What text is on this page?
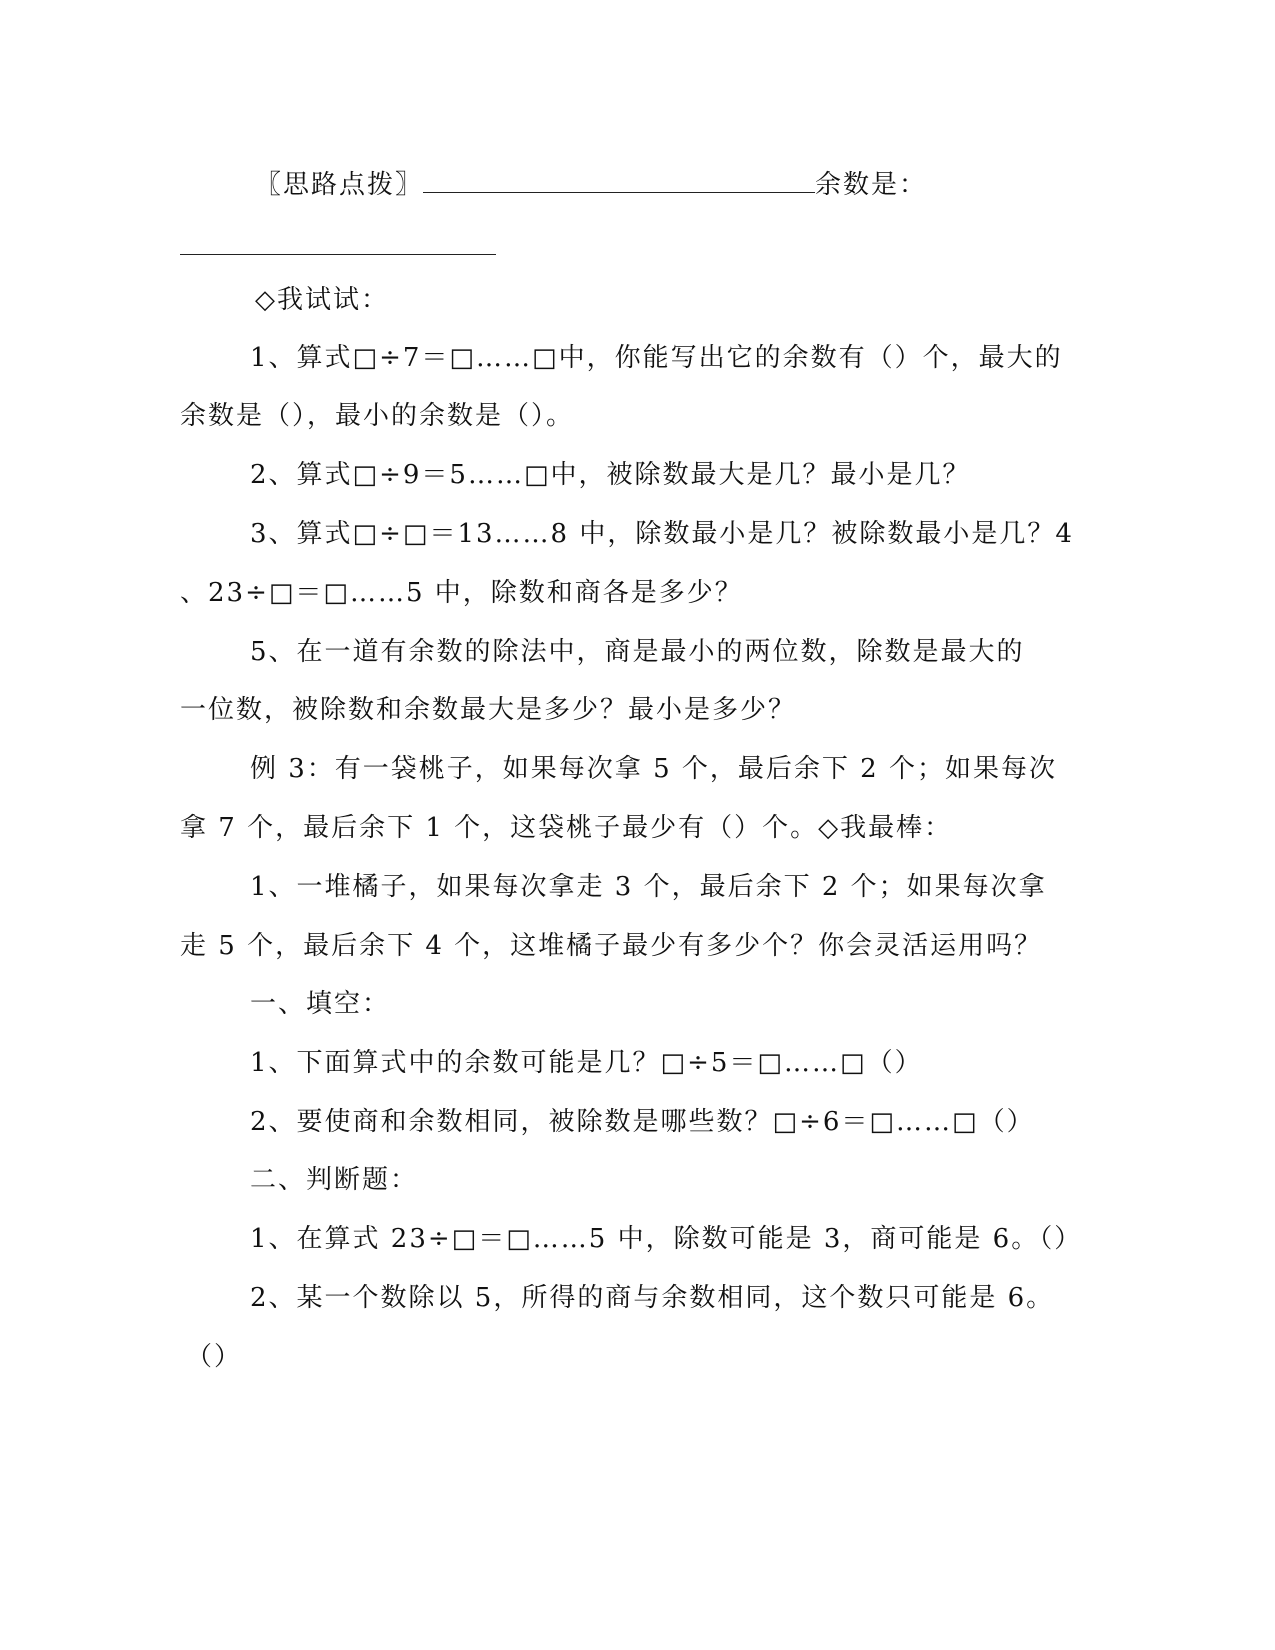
〖思路点拨〗	余数是：
◇我试试：
1、算式□÷7＝□……□中，你能写出它的余数有（）个，最大的
余数是（），最小的余数是（）。
2、算式□÷9＝5……□中，被除数最大是几？最小是几？
3、算式□÷□＝13……8 中，除数最小是几？被除数最小是几？4
、23÷□＝□……5 中，除数和商各是多少？
5、在一道有余数的除法中，商是最小的两位数，除数是最大的
一位数，被除数和余数最大是多少？最小是多少？
例 3：有一袋桃子，如果每次拿 5 个，最后余下 2 个；如果每次
拿 7 个，最后余下 1 个，这袋桃子最少有（）个。◇我最棒：
1、一堆橘子，如果每次拿走 3 个，最后余下 2 个；如果每次拿
走 5 个，最后余下 4 个，这堆橘子最少有多少个？你会灵活运用吗？
一、填空：
1、下面算式中的余数可能是几？□÷5＝□……□（）
2、要使商和余数相同，被除数是哪些数？□÷6＝□……□（）
二、判断题：
1、在算式 23÷□＝□……5 中，除数可能是 3，商可能是 6。（）
2、某一个数除以 5，所得的商与余数相同，这个数只可能是 6。
（）
